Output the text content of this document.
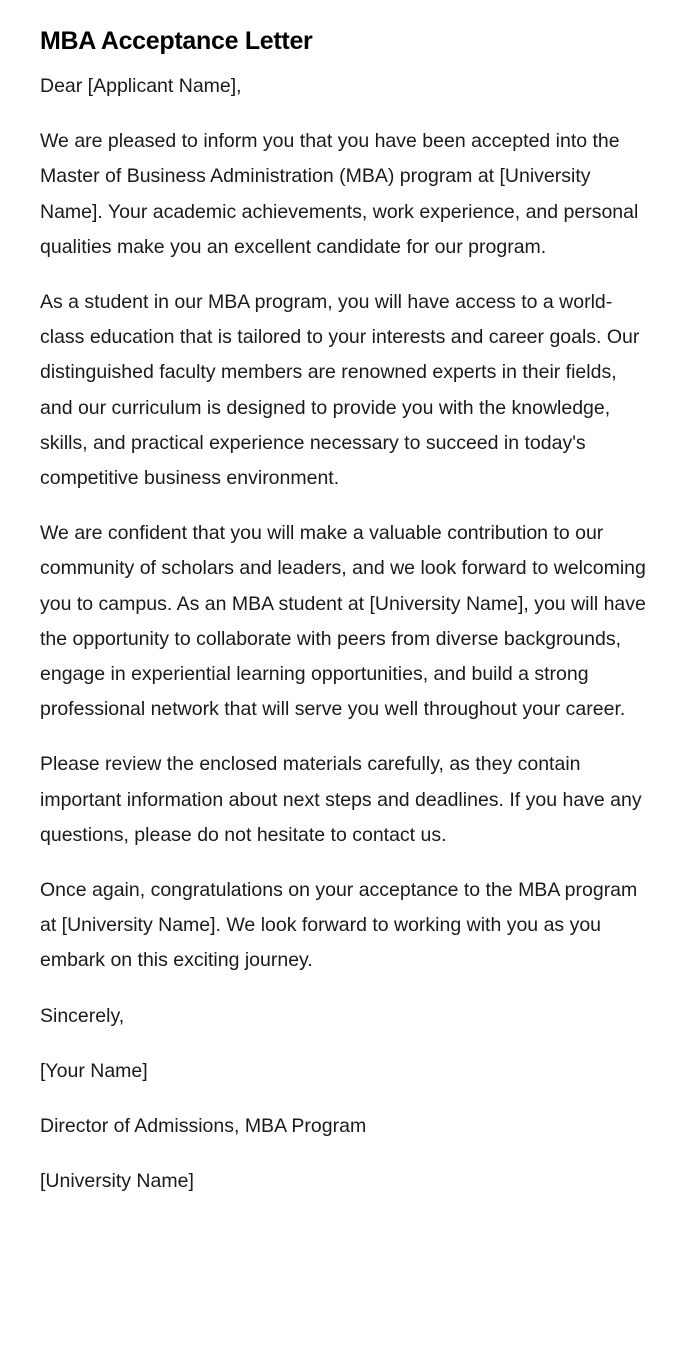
MBA Acceptance Letter

Dear [Applicant Name],

We are pleased to inform you that you have been accepted into the Master of Business Administration (MBA) program at [University Name]. Your academic achievements, work experience, and personal qualities make you an excellent candidate for our program.

As a student in our MBA program, you will have access to a world-class education that is tailored to your interests and career goals. Our distinguished faculty members are renowned experts in their fields, and our curriculum is designed to provide you with the knowledge, skills, and practical experience necessary to succeed in today's competitive business environment.

We are confident that you will make a valuable contribution to our community of scholars and leaders, and we look forward to welcoming you to campus. As an MBA student at [University Name], you will have the opportunity to collaborate with peers from diverse backgrounds, engage in experiential learning opportunities, and build a strong professional network that will serve you well throughout your career.

Please review the enclosed materials carefully, as they contain important information about next steps and deadlines. If you have any questions, please do not hesitate to contact us.

Once again, congratulations on your acceptance to the MBA program at [University Name]. We look forward to working with you as you embark on this exciting journey.

Sincerely,

[Your Name]

Director of Admissions, MBA Program

[University Name]
